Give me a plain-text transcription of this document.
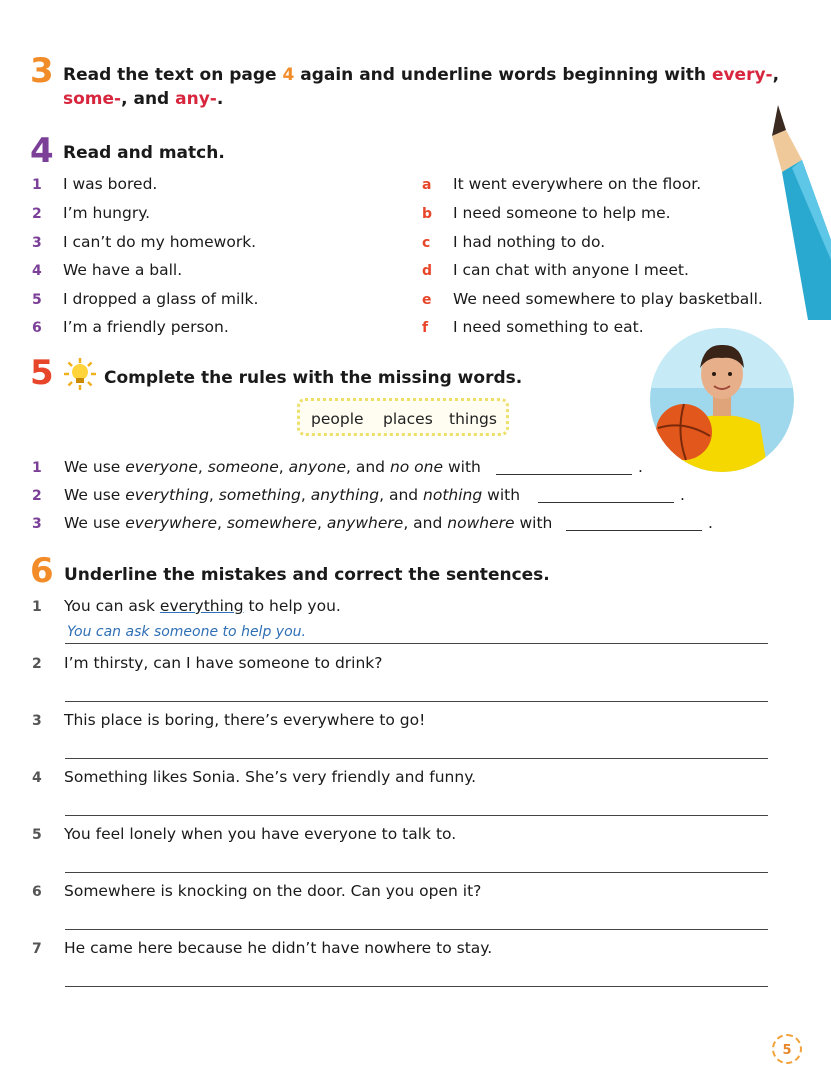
3 Read the text on page 4 again and underline words beginning with every-,
some-, and any-.
4 Read and match.
1 I was bored.
2 I’m hungry.
3 I can’t do my homework.
4 We have a ball.
5 I dropped a glass of milk.
6 I’m a friendly person.
a It went everywhere on the floor.
b I need someone to help me.
c I had nothing to do.
d I can chat with anyone I meet.
e We need somewhere to play basketball.
f I need something to eat.
5	Complete the rules with the missing words.
people places things
1 We use everyone, someone, anyone, and no one with	.
2 We use everything, something, anything, and nothing with	.
3 We use everywhere, somewhere, anywhere, and nowhere with	.
6 Underline the mistakes and correct the sentences.
1 You can ask everything to help you.
You can ask someone to help you.
2 I’m thirsty, can I have someone to drink?
3 This place is boring, there’s everywhere to go!
4 Something likes Sonia. She’s very friendly and funny.
5 You feel lonely when you have everyone to talk to.
6 Somewhere is knocking on the door. Can you open it?
7 He came here because he didn’t have nowhere to stay.
5
